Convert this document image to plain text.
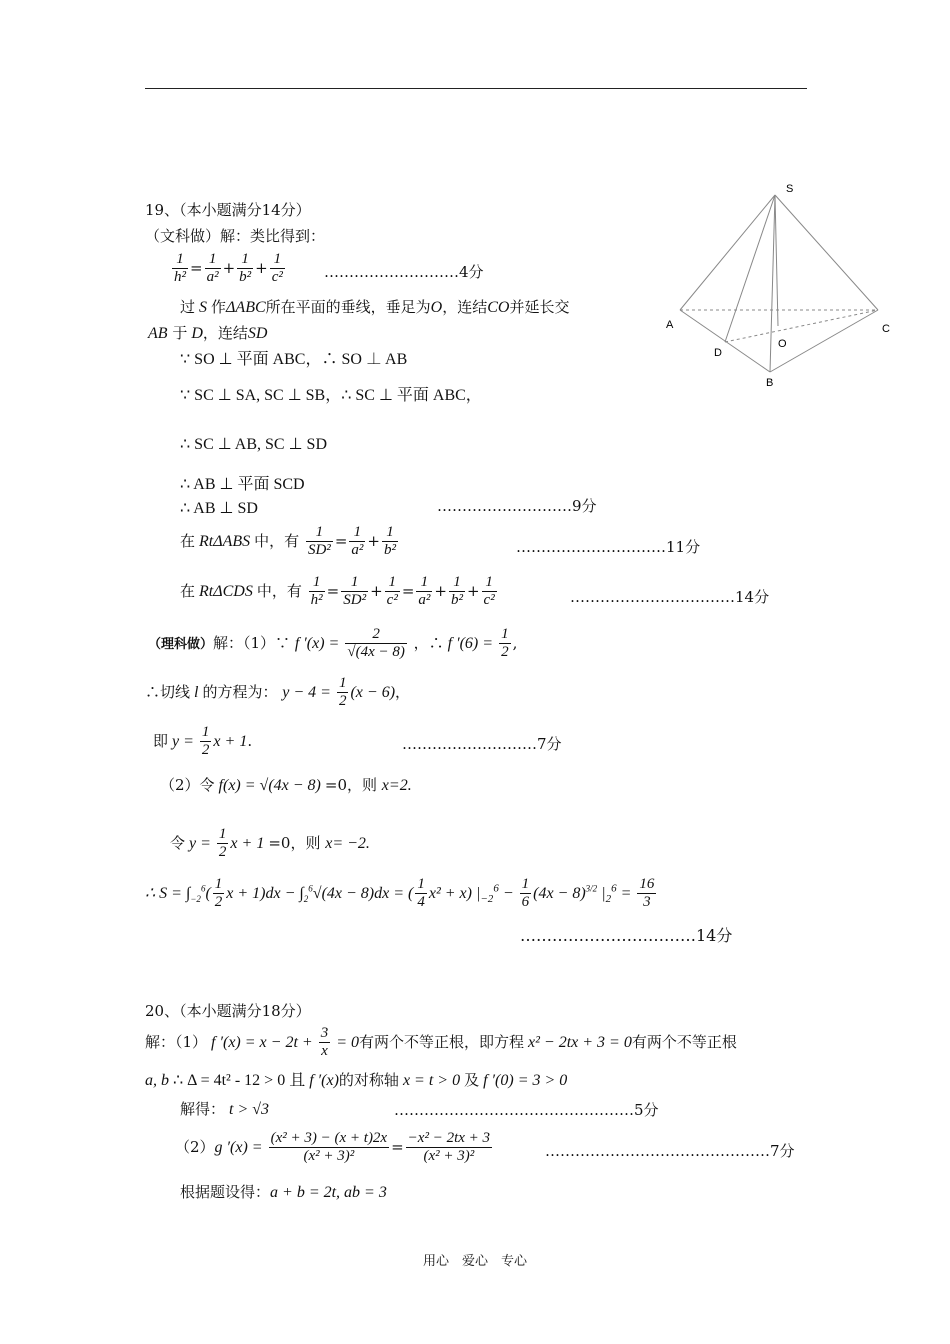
19、（本小题满分14分）
（文科做）解：类比得到：
$\frac{1}{\text{h²}} = \frac{1}{\text{a²}} + \frac{1}{\text{b²}} + \frac{1}{\text{c²}}$	………………………4分
过 S 作ΔABC所在平面的垂线，垂足为O，连结CO并延长交
AB 于 D，连结SD
∵ SO ⊥ 平面 ABC，∴ SO ⊥ AB
∵ SC ⊥ SA, SC ⊥ SB，∴ SC ⊥ 平面 ABC，
∴ SC ⊥ AB, SC ⊥ SD
∴ AB ⊥ 平面 SCD
∴ AB ⊥ SD	………………………9分
在 RtΔABS 中，有 $\frac{1}{\text{SD²}} = \frac{1}{\text{a²}} + \frac{1}{\text{b²}}$	…………………………11分
在 RtΔCDS 中，有 $\frac{1}{\text{h²}} = \frac{1}{\text{SD²}} + \frac{1}{\text{c²}} = \frac{1}{\text{a²}} + \frac{1}{\text{b²}} + \frac{1}{\text{c²}}$	……………………………14分
（理科做）解：（1）∵ f $'(x) = \frac{2}{√(4x - 8)}$ ，∴ f $'(6) = \frac{1}{2}$ ,
∴切线 l 的方程为： $y - 4 = \frac{1}{2} (x - 6)$，
即 $y = \frac{1}{2}$ x + 1.	………………………7分
（2）令 f(x) = √(4x − 8) =0，则 x=2.
令 $y = \frac{1}{2}$ x + 1 =0，则 x= −2.
∴ $S = \int_{-2}^6( \frac{1}{2}$ $x + 1)dx - \int_2^6√(4x - 8)dx$ = ( $\frac{1}{4} x^2 + x$) $|_{-2}^6 - \frac{1}{6} (4x - 8)^{3/2}$ $|_2^6 = \frac{16}{3}$
……………………………14分
S
A	C
D
O
B
20、（本小题满分18分）
解：（1） f $'(x) = x - 2t + \frac{3}{x} = 0$有两个不等正根，即方程 x² − 2tx + 3 = 0有两个不等正根
a, b ∴ Δ = 4t² - 12 > 0 且 f ′(x)的对称轴 x = t > 0 及 f ′(0) = 3 > 0
解得： t > √3	…………………………………………5分
（2）g $'(x) = \frac{\text{(x² + 3) − (x + t)2x}}{\text{(x² + 3)²}} = \frac{\text{−x² − 2tx + 3}}{\text{(x² + 3)²}}$	………………………………………7分
根据题设得：a + b = 2t, ab = 3
用心　爱心　专心
